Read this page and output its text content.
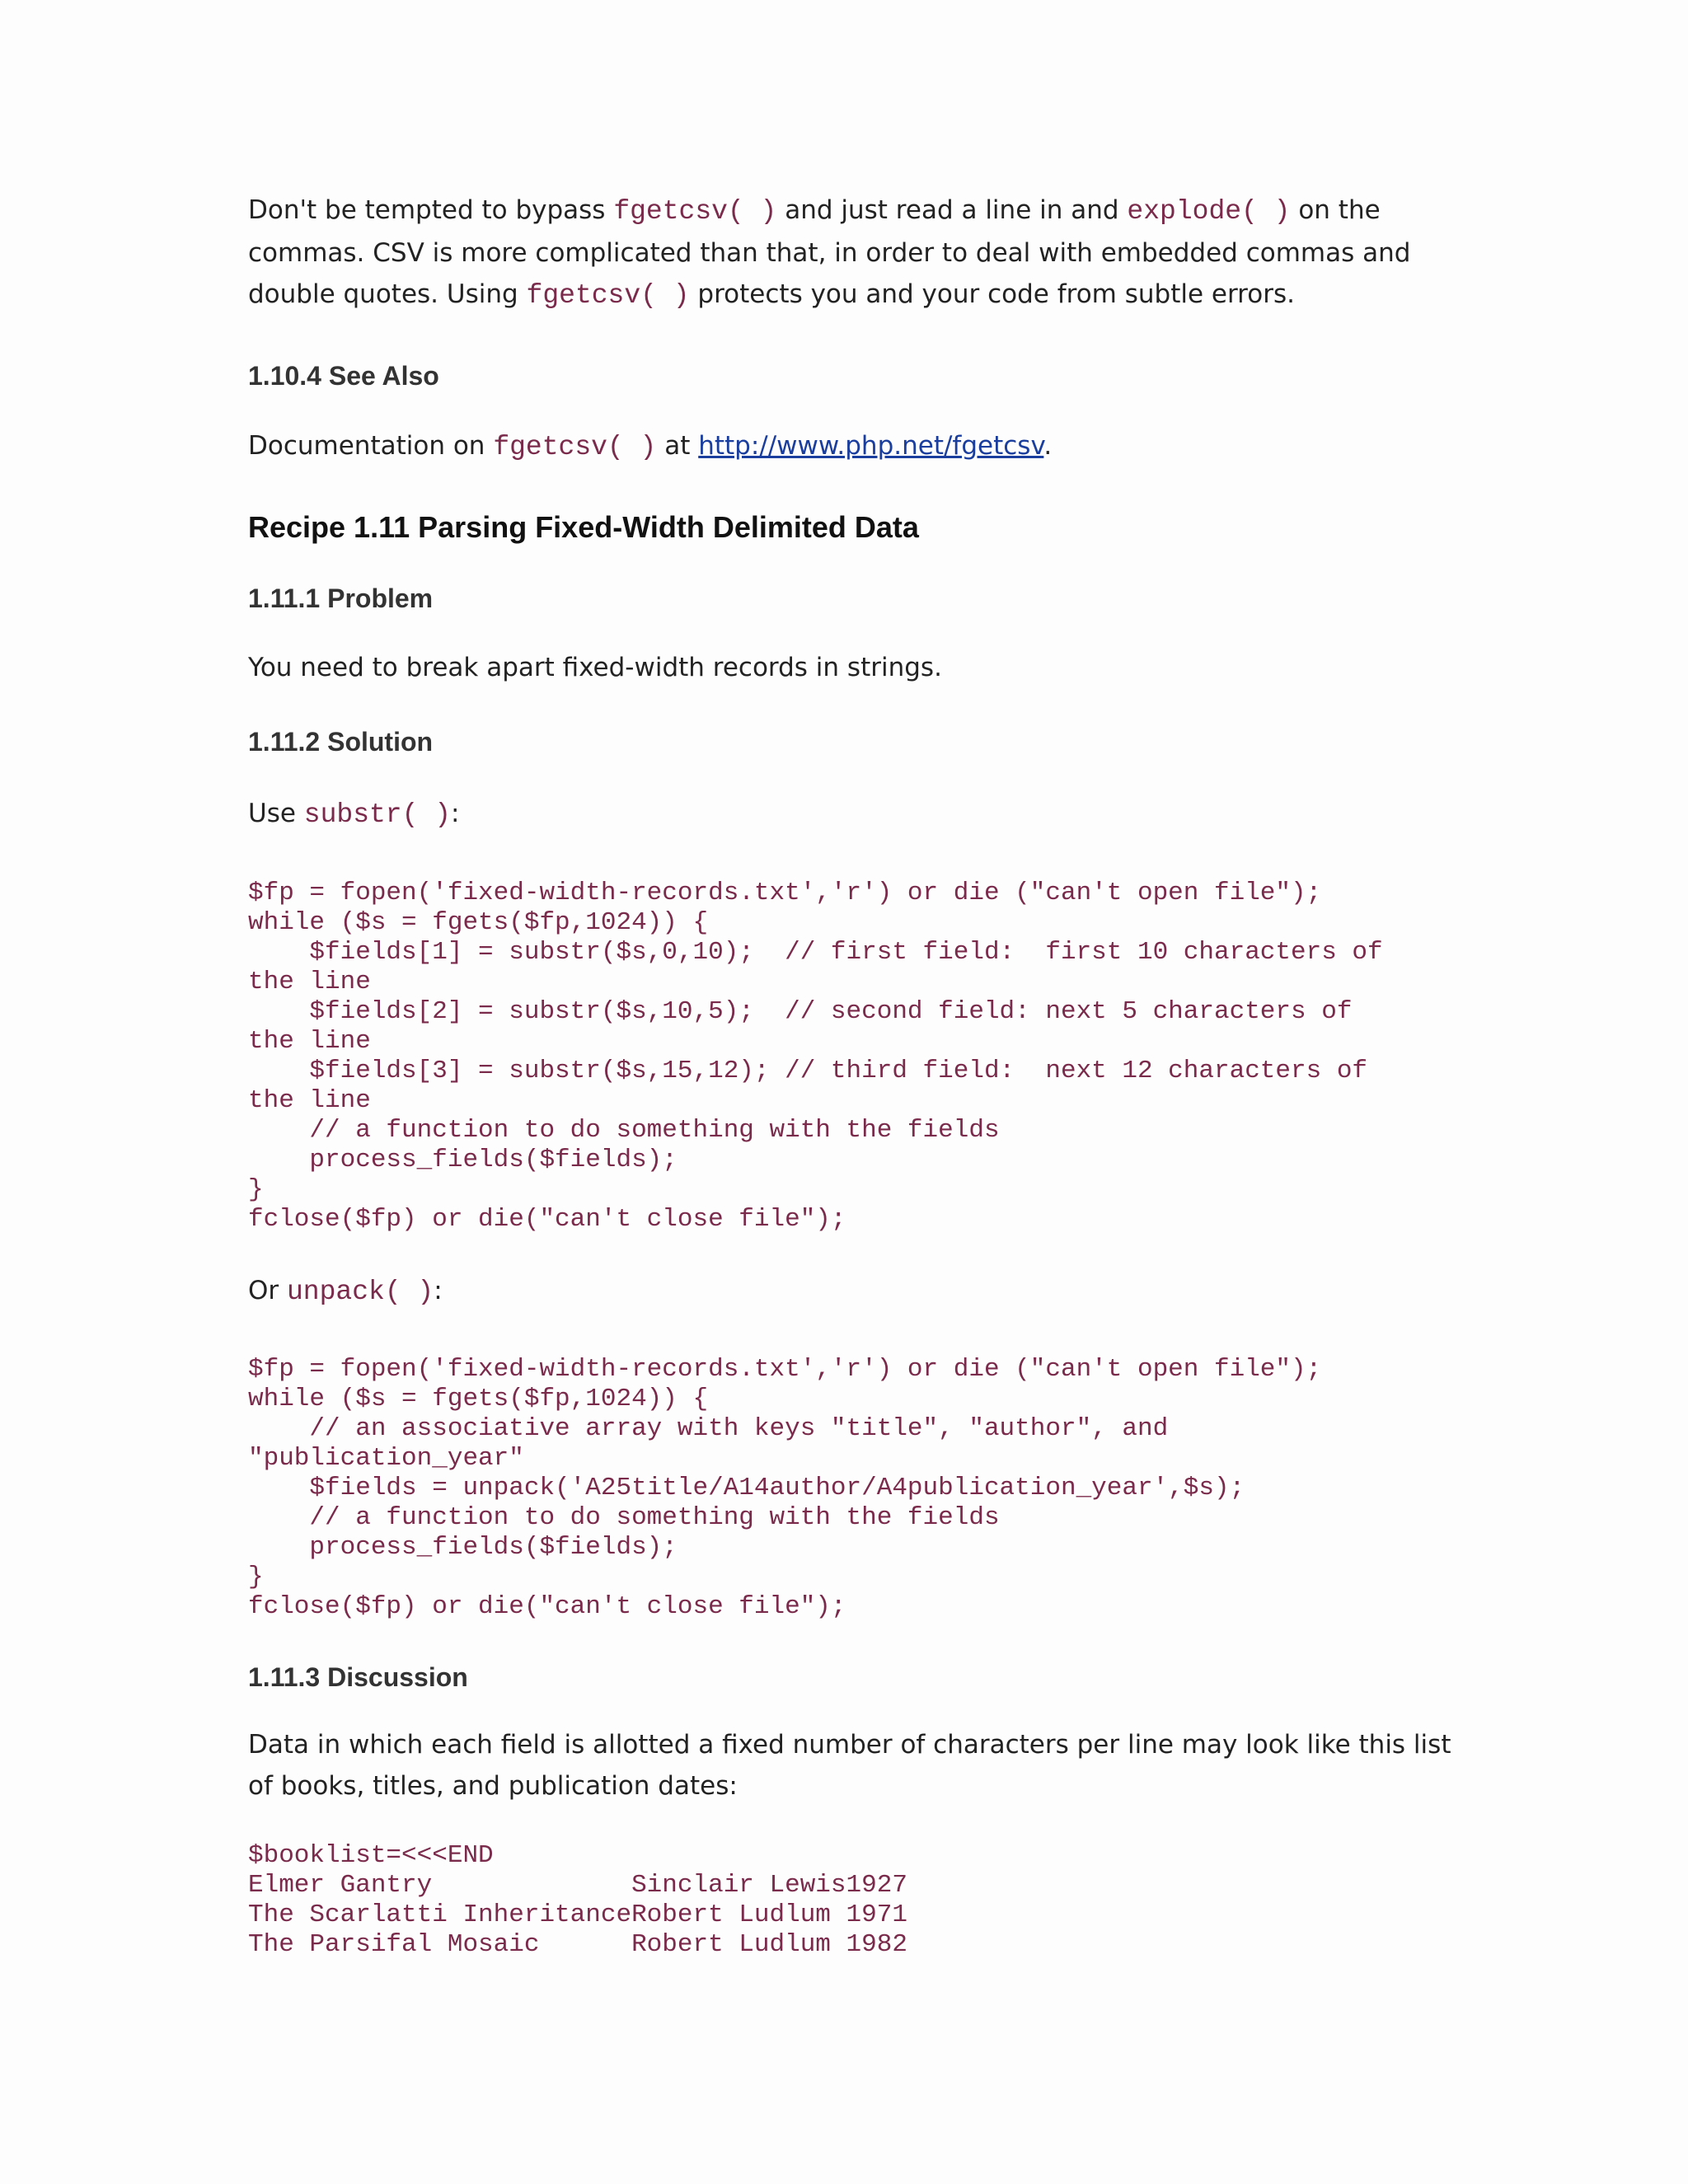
Don't be tempted to bypass fgetcsv( ) and just read a line in and explode( ) on the commas. CSV is more complicated than that, in order to deal with embedded commas and double quotes. Using fgetcsv( ) protects you and your code from subtle errors.

1.10.4 See Also

Documentation on fgetcsv( ) at http://www.php.net/fgetcsv.

Recipe 1.11 Parsing Fixed-Width Delimited Data
1.11.1 Problem

You need to break apart fixed-width records in strings.

1.11.2 Solution

Use substr( ):

$fp = fopen('fixed-width-records.txt','r') or die ("can't open file");
while ($s = fgets($fp,1024)) {
$fields[1] = substr($s,0,10);  // first field:  first 10 characters of
the line
$fields[2] = substr($s,10,5);  // second field: next 5 characters of
the line
$fields[3] = substr($s,15,12); // third field:  next 12 characters of
the line
// a function to do something with the fields
process_fields($fields);
}
fclose($fp) or die("can't close file");

Or unpack( ):

$fp = fopen('fixed-width-records.txt','r') or die ("can't open file");
while ($s = fgets($fp,1024)) {
// an associative array with keys "title", "author", and
"publication_year"
$fields = unpack('A25title/A14author/A4publication_year',$s);
// a function to do something with the fields
process_fields($fields);
}
fclose($fp) or die("can't close file");
1.11.3 Discussion

Data in which each field is allotted a fixed number of characters per line may look like this list of books, titles, and publication dates:

$booklist=<<<END
Elmer Gantry             Sinclair Lewis1927
The Scarlatti InheritanceRobert Ludlum 1971
The Parsifal Mosaic      Robert Ludlum 1982
